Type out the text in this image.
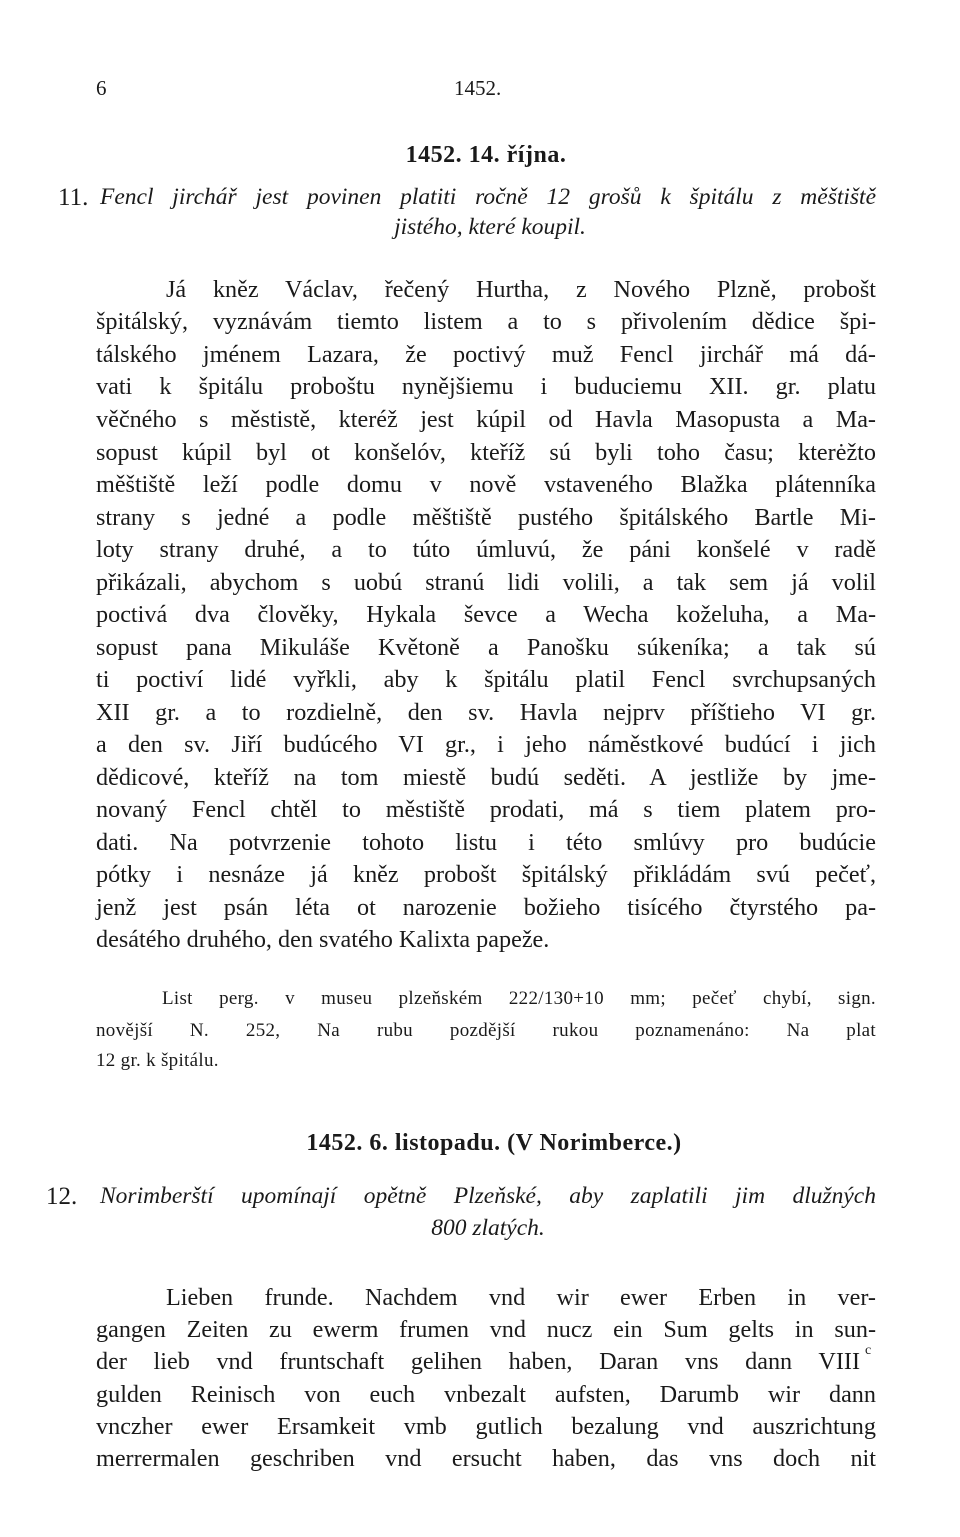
6	1452.
1452. 14. října.
11. Fencl jirchář jest povinen platiti ročně 12 grošů k špitálu z měštiště
jistého, které koupil.
Já kněz Václav, řečený Hurtha, z Nového Plzně, probošt
špitálský, vyznávám tiemto listem a to s přivolením dědice špi-
tálského jménem Lazara, že poctivý muž Fencl jirchář má dá-
vati k špitálu proboštu nynějšiemu i buduciemu XII. gr. platu
věčného s městistě, kteréž jest kúpil od Havla Masopusta a Ma-
sopust kúpil byl ot konšelóv, kteříž sú byli toho času; kterėžto
měštiště leží podle domu v nově vstaveného Blažka plátenníka
strany s jedné a podle měštiště pustého špitálského Bartle Mi-
loty strany druhé, a to túto úmluvú, že páni konšelé v radě
přikázali, abychom s uobú stranú lidi volili, a tak sem já volil
poctivá dva člověky, Hykala ševce a Wecha koželuha, a Ma-
sopust pana Mikuláše Květoně a Panošku súkeníka; a tak sú
ti poctiví lidé vyřkli, aby k špitálu platil Fencl svrchupsaných
XII gr. a to rozdielně, den sv. Havla nejprv příštieho VI gr.
a den sv. Jiří budúcého VI gr., i jeho náměstkové budúcí i jich
dědicové, kteříž na tom miestě budú seděti. A jestliže by jme-
novaný Fencl chtěl to městiště prodati, má s tiem platem pro-
dati. Na potvrzenie tohoto listu i této smlúvy pro budúcie
pótky i nesnáze já kněz probošt špitálský přikládám svú pečeť,
jenž jest psán léta ot narozenie božieho tisícého čtyrstého pa-
desátého druhého, den svatého Kalixta papeže.
List perg. v museu plzeňském 222/130+10 mm; pečeť chybí, sign.
novější N. 252, Na rubu pozdější rukou poznamenáno: Na plat
12 gr. k špitálu.
1452. 6. listopadu. (V Norimberce.)
12. Norimberští upomínají opětně Plzeňské, aby zaplatili jim dlužných
800 zlatých.
Lieben frunde. Nachdem vnd wir ewer Erben in ver-
gangen Zeiten zu ewerm frumen vnd nucz ein Sum gelts in sun-
der lieb vnd fruntschaft gelihen haben, Daran vns dann VIII c
gulden Reinisch von euch vnbezalt aufsten, Darumb wir dann
vnczher ewer Ersamkeit vmb gutlich bezalung vnd auszrichtung
merrermalen geschriben vnd ersucht haben, das vns doch nit
